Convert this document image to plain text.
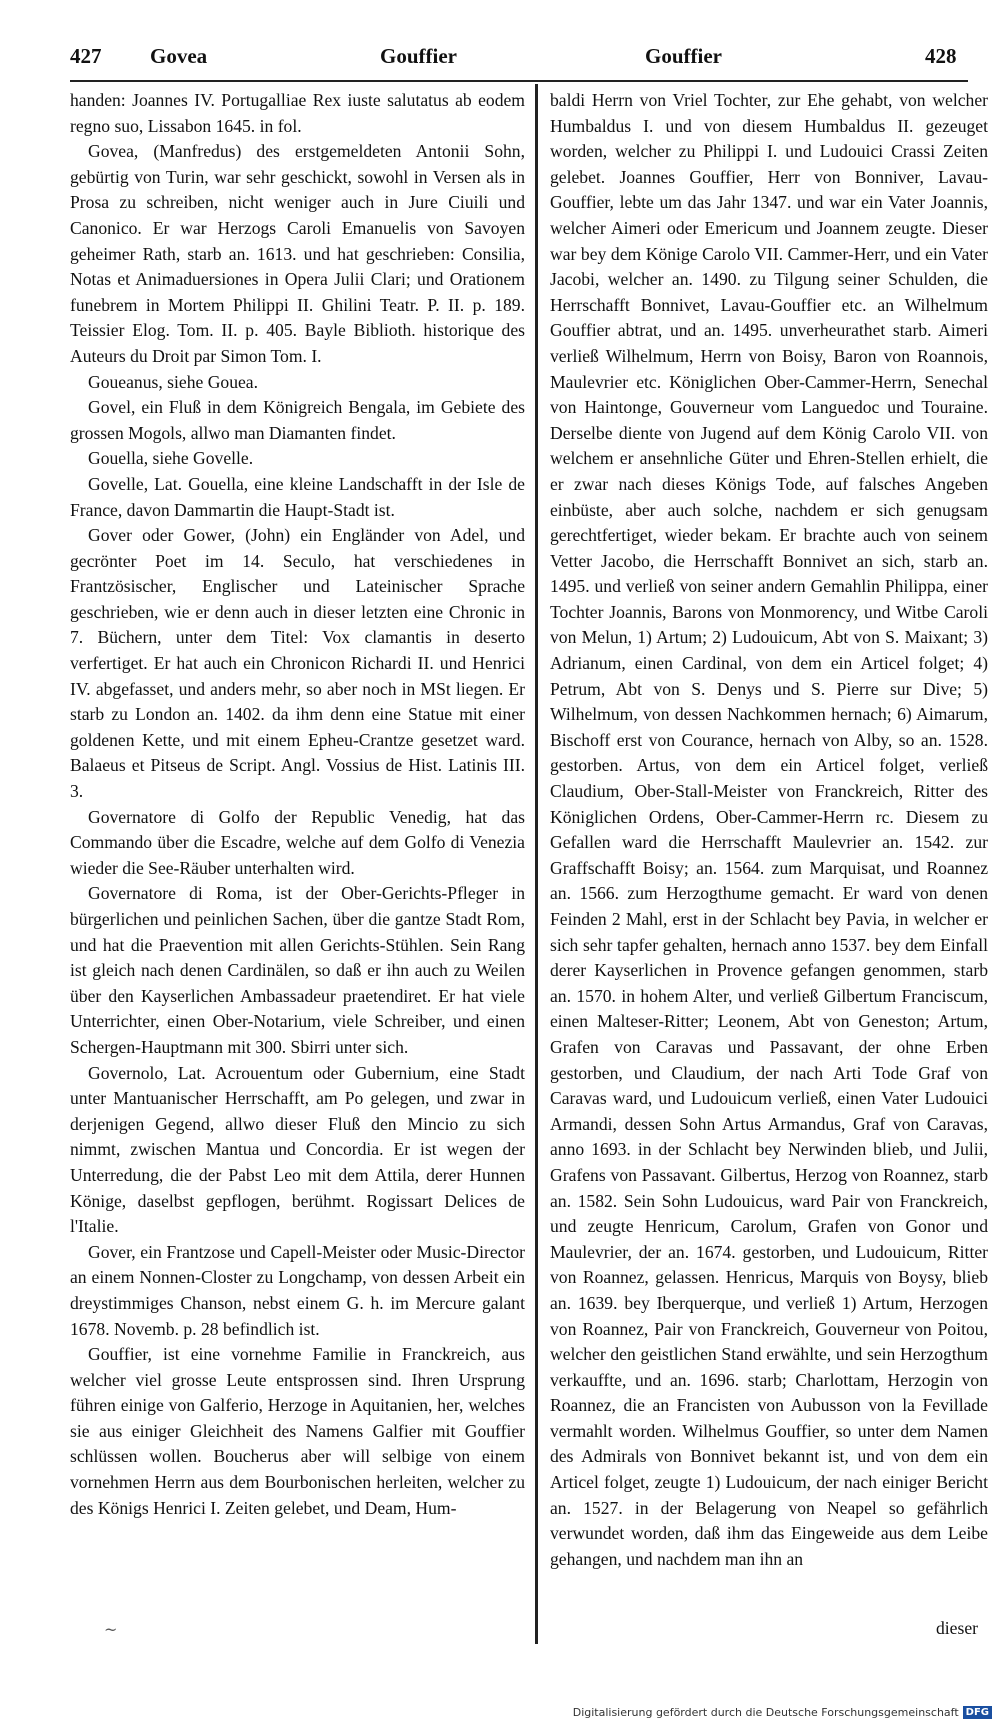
427 Govea	Gouffier	Gouffier	428

handen: Joannes IV. Portugalliae Rex iuste salutatus ab eodem regno suo, Lissabon 1645. in fol.

Govea, (Manfredus) des erstgemeldeten Antonii Sohn, gebürtig von Turin, war sehr geschickt, sowohl in Versen als in Prosa zu schreiben, nicht weniger auch in Jure Ciuili und Canonico. Er war Herzogs Caroli Emanuelis von Savoyen geheimer Rath, starb an. 1613. und hat geschrieben: Consilia, Notas et Animaduersiones in Opera Julii Clari; und Orationem funebrem in Mortem Philippi II. Ghilini Teatr. P. II. p. 189. Teissier Elog. Tom. II. p. 405. Bayle Biblioth. historique des Auteurs du Droit par Simon Tom. I.

Goueanus, siehe Gouea.

Govel, ein Fluß in dem Königreich Bengala, im Gebiete des grossen Mogols, allwo man Diamanten findet.

Gouella, siehe Govelle.

Govelle, Lat. Gouella, eine kleine Landschafft in der Isle de France, davon Dammartin die Haupt-Stadt ist.

Gover oder Gower, (John) ein Engländer von Adel, und gecrönter Poet im 14. Seculo, hat verschiedenes in Frantzösischer, Englischer und Lateinischer Sprache geschrieben, wie er denn auch in dieser letzten eine Chronic in 7. Büchern, unter dem Titel: Vox clamantis in deserto verfertiget. Er hat auch ein Chronicon Richardi II. und Henrici IV. abgefasset, und anders mehr, so aber noch in MSt liegen. Er starb zu London an. 1402. da ihm denn eine Statue mit einer goldenen Kette, und mit einem Epheu-Crantze gesetzet ward. Balaeus et Pitseus de Script. Angl. Vossius de Hist. Latinis III. 3.

Governatore di Golfo der Republic Venedig, hat das Commando über die Escadre, welche auf dem Golfo di Venezia wieder die See-Räuber unterhalten wird.

Governatore di Roma, ist der Ober-Gerichts-Pfleger in bürgerlichen und peinlichen Sachen, über die gantze Stadt Rom, und hat die Praevention mit allen Gerichts-Stühlen. Sein Rang ist gleich nach denen Cardinälen, so daß er ihn auch zu Weilen über den Kayserlichen Ambassadeur praetendiret. Er hat viele Unterrichter, einen Ober-Notarium, viele Schreiber, und einen Schergen-Hauptmann mit 300. Sbirri unter sich.

Governolo, Lat. Acrouentum oder Gubernium, eine Stadt unter Mantuanischer Herrschafft, am Po gelegen, und zwar in derjenigen Gegend, allwo dieser Fluß den Mincio zu sich nimmt, zwischen Mantua und Concordia. Er ist wegen der Unterredung, die der Pabst Leo mit dem Attila, derer Hunnen Könige, daselbst gepflogen, berühmt. Rogissart Delices de l'Italie.

Gover, ein Frantzose und Capell-Meister oder Music-Director an einem Nonnen-Closter zu Longchamp, von dessen Arbeit ein dreystimmiges Chanson, nebst einem G. h. im Mercure galant 1678. Novemb. p. 28 befindlich ist.

Gouffier, ist eine vornehme Familie in Franckreich, aus welcher viel grosse Leute entsprossen sind. Ihren Ursprung führen einige von Galferio, Herzoge in Aquitanien, her, welches sie aus einiger Gleichheit des Namens Galfier mit Gouffier schlüssen wollen. Boucherus aber will selbige von einem vornehmen Herrn aus dem Bourbonischen herleiten, welcher zu des Königs Henrici I. Zeiten gelebet, und Deam, Hum-

baldi Herrn von Vriel Tochter, zur Ehe gehabt, von welcher Humbaldus I. und von diesem Humbaldus II. gezeuget worden, welcher zu Philippi I. und Ludouici Crassi Zeiten gelebet. Joannes Gouffier, Herr von Bonniver, Lavau-Gouffier, lebte um das Jahr 1347. und war ein Vater Joannis, welcher Aimeri oder Emericum und Joannem zeugte. Dieser war bey dem Könige Carolo VII. Cammer-Herr, und ein Vater Jacobi, welcher an. 1490. zu Tilgung seiner Schulden, die Herrschafft Bonnivet, Lavau-Gouffier etc. an Wilhelmum Gouffier abtrat, und an. 1495. unverheurathet starb. Aimeri verließ Wilhelmum, Herrn von Boisy, Baron von Roannois, Maulevrier etc. Königlichen Ober-Cammer-Herrn, Senechal von Haintonge, Gouverneur vom Languedoc und Touraine. Derselbe diente von Jugend auf dem König Carolo VII. von welchem er ansehnliche Güter und Ehren-Stellen erhielt, die er zwar nach dieses Königs Tode, auf falsches Angeben einbüste, aber auch solche, nachdem er sich genugsam gerechtfertiget, wieder bekam. Er brachte auch von seinem Vetter Jacobo, die Herrschafft Bonnivet an sich, starb an. 1495. und verließ von seiner andern Gemahlin Philippa, einer Tochter Joannis, Barons von Monmorency, und Witbe Caroli von Melun, 1) Artum; 2) Ludouicum, Abt von S. Maixant; 3) Adrianum, einen Cardinal, von dem ein Articel folget; 4) Petrum, Abt von S. Denys und S. Pierre sur Dive; 5) Wilhelmum, von dessen Nachkommen hernach; 6) Aimarum, Bischoff erst von Courance, hernach von Alby, so an. 1528. gestorben. Artus, von dem ein Articel folget, verließ Claudium, Ober-Stall-Meister von Franckreich, Ritter des Königlichen Ordens, Ober-Cammer-Herrn rc. Diesem zu Gefallen ward die Herrschafft Maulevrier an. 1542. zur Graffschafft Boisy; an. 1564. zum Marquisat, und Roannez an. 1566. zum Herzogthume gemacht. Er ward von denen Feinden 2 Mahl, erst in der Schlacht bey Pavia, in welcher er sich sehr tapfer gehalten, hernach anno 1537. bey dem Einfall derer Kayserlichen in Provence gefangen genommen, starb an. 1570. in hohem Alter, und verließ Gilbertum Franciscum, einen Malteser-Ritter; Leonem, Abt von Geneston; Artum, Grafen von Caravas und Passavant, der ohne Erben gestorben, und Claudium, der nach Arti Tode Graf von Caravas ward, und Ludouicum verließ, einen Vater Ludouici Armandi, dessen Sohn Artus Armandus, Graf von Caravas, anno 1693. in der Schlacht bey Nerwinden blieb, und Julii, Grafens von Passavant. Gilbertus, Herzog von Roannez, starb an. 1582. Sein Sohn Ludouicus, ward Pair von Franckreich, und zeugte Henricum, Carolum, Grafen von Gonor und Maulevrier, der an. 1674. gestorben, und Ludouicum, Ritter von Roannez, gelassen. Henricus, Marquis von Boysy, blieb an. 1639. bey Iberquerque, und verließ 1) Artum, Herzogen von Roannez, Pair von Franckreich, Gouverneur von Poitou, welcher den geistlichen Stand erwählte, und sein Herzogthum verkauffte, und an. 1696. starb; Charlottam, Herzogin von Roannez, die an Francisten von Aubusson von la Fevillade vermahlt worden. Wilhelmus Gouffier, so unter dem Namen des Admirals von Bonnivet bekannt ist, und von dem ein Articel folget, zeugte 1) Ludouicum, der nach einiger Bericht an. 1527. in der Belagerung von Neapel so gefährlich verwundet worden, daß ihm das Eingeweide aus dem Leibe gehangen, und nachdem man ihn an

~	dieser
Digitalisierung gefördert durch die Deutsche Forschungsgemeinschaft DFG
